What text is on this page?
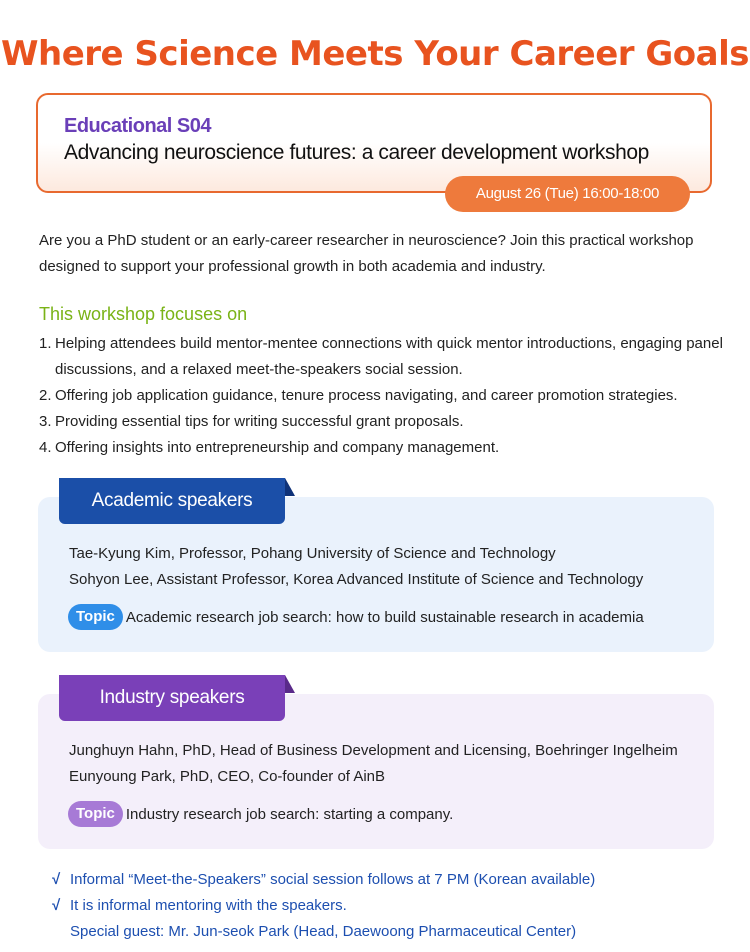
Where Science Meets Your Career Goals
Educational S04
Advancing neuroscience futures: a career development workshop
August 26 (Tue) 16:00-18:00
Are you a PhD student or an early-career researcher in neuroscience? Join this practical workshop designed to support your professional growth in both academia and industry.
This workshop focuses on
1. Helping attendees build mentor-mentee connections with quick mentor introductions, engaging panel discussions, and a relaxed meet-the-speakers social session.
2. Offering job application guidance, tenure process navigating, and career promotion strategies.
3. Providing essential tips for writing successful grant proposals.
4. Offering insights into entrepreneurship and company management.
Academic speakers
Tae-Kyung Kim, Professor, Pohang University of Science and Technology
Sohyon Lee, Assistant Professor, Korea Advanced Institute of Science and Technology
Topic Academic research job search: how to build sustainable research in academia
Industry speakers
Junghuyn Hahn, PhD, Head of Business Development and Licensing, Boehringer Ingelheim
Eunyoung Park, PhD, CEO, Co-founder of AinB
Topic Industry research job search: starting a company.
√ Informal “Meet-the-Speakers” social session follows at 7 PM (Korean available)
√ It is informal mentoring with the speakers.
Special guest: Mr. Jun-seok Park (Head, Daewoong Pharmaceutical Center)
